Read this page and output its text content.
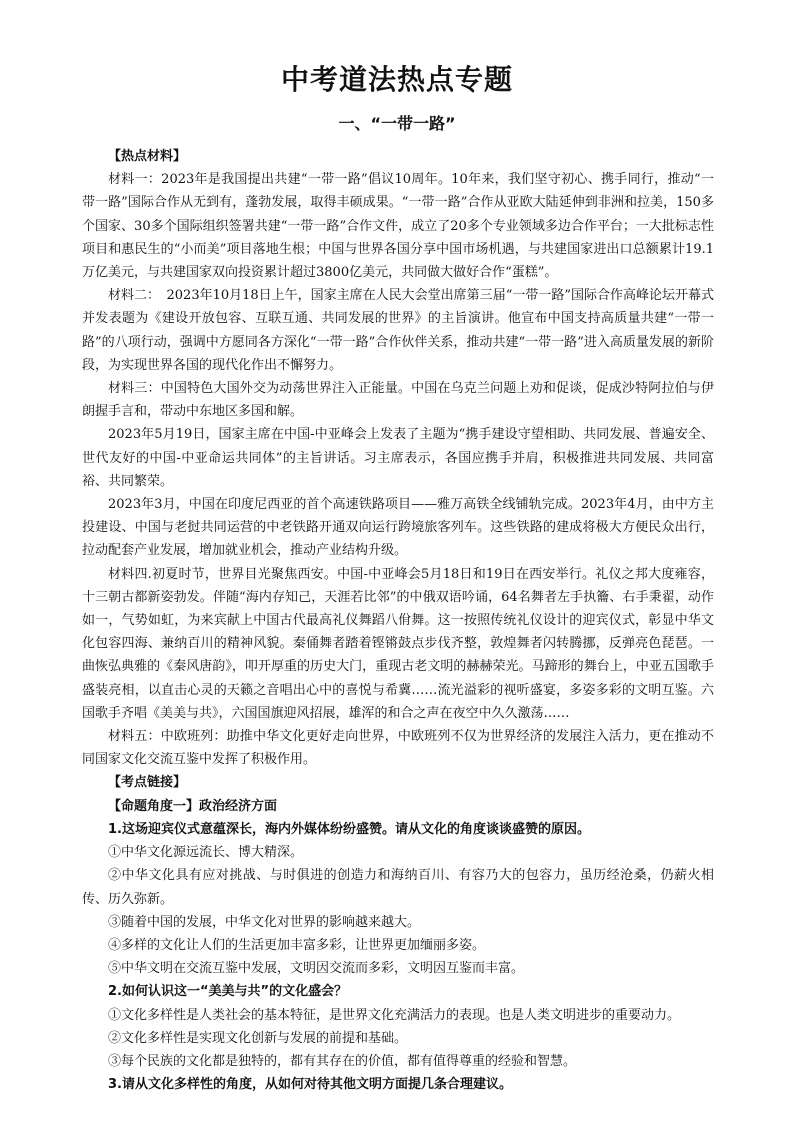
中考道法热点专题
一、“一带一路”

【热点材料】

材料一：2023年是我国提出共建“一带一路”倡议10周年。10年来，我们坚守初心、携手同行，推动“一带一路”国际合作从无到有，蓬勃发展，取得丰硕成果。“一带一路”合作从亚欧大陆延伸到非洲和拉美，150多个国家、30多个国际组织签署共建“一带一路”合作文件，成立了20多个专业领域多边合作平台；一大批标志性项目和惠民生的“小而美”项目落地生根；中国与世界各国分享中国市场机遇，与共建国家进出口总额累计19.1万亿美元，与共建国家双向投资累计超过3800亿美元，共同做大做好合作“蛋糕”。

材料二：　2023年10月18日上午，国家主席在人民大会堂出席第三届“一带一路”国际合作高峰论坛开幕式并发表题为《建设开放包容、互联互通、共同发展的世界》的主旨演讲。他宣布中国支持高质量共建“一带一路”的八项行动，强调中方愿同各方深化“一带一路”合作伙伴关系，推动共建“一带一路”进入高质量发展的新阶段，为实现世界各国的现代化作出不懈努力。

材料三：中国特色大国外交为动荡世界注入正能量。中国在乌克兰问题上劝和促谈，促成沙特阿拉伯与伊朗握手言和，带动中东地区多国和解。

2023年5月19日，国家主席在中国-中亚峰会上发表了主题为“携手建设守望相助、共同发展、普遍安全、世代友好的中国-中亚命运共同体”的主旨讲话。习主席表示，各国应携手并肩，积极推进共同发展、共同富裕、共同繁荣。

2023年3月，中国在印度尼西亚的首个高速铁路项目——雅万高铁全线铺轨完成。2023年4月，由中方主投建设、中国与老挝共同运营的中老铁路开通双向运行跨境旅客列车。这些铁路的建成将极大方便民众出行，拉动配套产业发展，增加就业机会，推动产业结构升级。

材料四.初夏时节，世界目光聚焦西安。中国-中亚峰会5月18日和19日在西安举行。礼仪之邦大度雍容，十三朝古都新姿勃发。伴随“海内存知己，天涯若比邻”的中俄双语吟诵，64名舞者左手执籥、右手秉翟，动作如一，气势如虹，为来宾献上中国古代最高礼仪舞蹈八佾舞。这一按照传统礼仪设计的迎宾仪式，彰显中华文化包容四海、兼纳百川的精神风貌。秦俑舞者踏着铿锵鼓点步伐齐整，敦煌舞者闪转腾挪，反弹亮色琵琶。一曲恢弘典雅的《秦风唐韵》，叩开厚重的历史大门，重现古老文明的赫赫荣光。马蹄形的舞台上，中亚五国歌手盛装亮相，以直击心灵的天籁之音唱出心中的喜悦与希冀……流光溢彩的视听盛宴，多姿多彩的文明互鉴。六国歌手齐唱《美美与共》，六国国旗迎风招展，雄浑的和合之声在夜空中久久激荡……

材料五：中欧班列：助推中华文化更好走向世界，中欧班列不仅为世界经济的发展注入活力，更在推动不同国家文化交流互鉴中发挥了积极作用。

【考点链接】

【命题角度一】政治经济方面

1.这场迎宾仪式意蕴深长，海内外媒体纷纷盛赞。请从文化的角度谈谈盛赞的原因。

①中华文化源远流长、博大精深。

②中华文化具有应对挑战、与时俱进的创造力和海纳百川、有容乃大的包容力，虽历经沧桑，仍薪火相传、历久弥新。

③随着中国的发展，中华文化对世界的影响越来越大。

④多样的文化让人们的生活更加丰富多彩，让世界更加缅丽多姿。

⑤中华文明在交流互鉴中发展，文明因交流而多彩，文明因互鉴而丰富。

2.如何认识这一“美美与共”的文化盛会？

①文化多样性是人类社会的基本特征，是世界文化充满活力的表现。也是人类文明进步的重要动力。

②文化多样性是实现文化创新与发展的前提和基础。

③每个民族的文化都是独特的，都有其存在的价值，都有值得尊重的经验和智慧。

3.请从文化多样性的角度，从如何对待其他文明方面提几条合理建议。
